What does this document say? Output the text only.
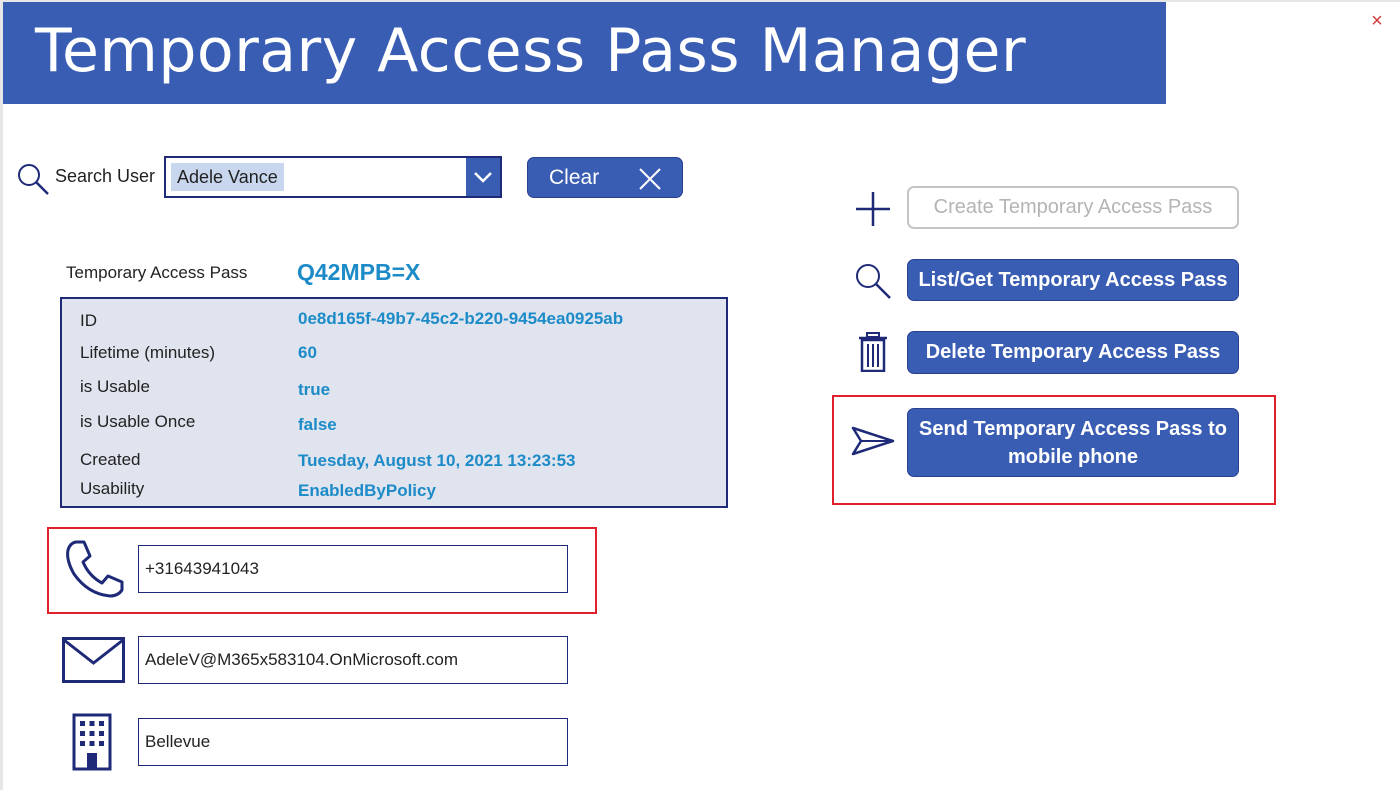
×
Temporary Access Pass Manager
Search User	Adele Vance	Clear
Temporary Access Pass Q42MPB=X
ID	0e8d165f-49b7-45c2-b220-9454ea0925ab
Lifetime (minutes)	60
is Usable	true
is Usable Once	false
Created	Tuesday, August 10, 2021 13:23:53
Usability	EnabledByPolicy
+31643941043
AdeleV@M365x583104.OnMicrosoft.com
Bellevue
Create Temporary Access Pass
List/Get Temporary Access Pass
Delete Temporary Access Pass
Send Temporary Access Pass to
mobile phone
